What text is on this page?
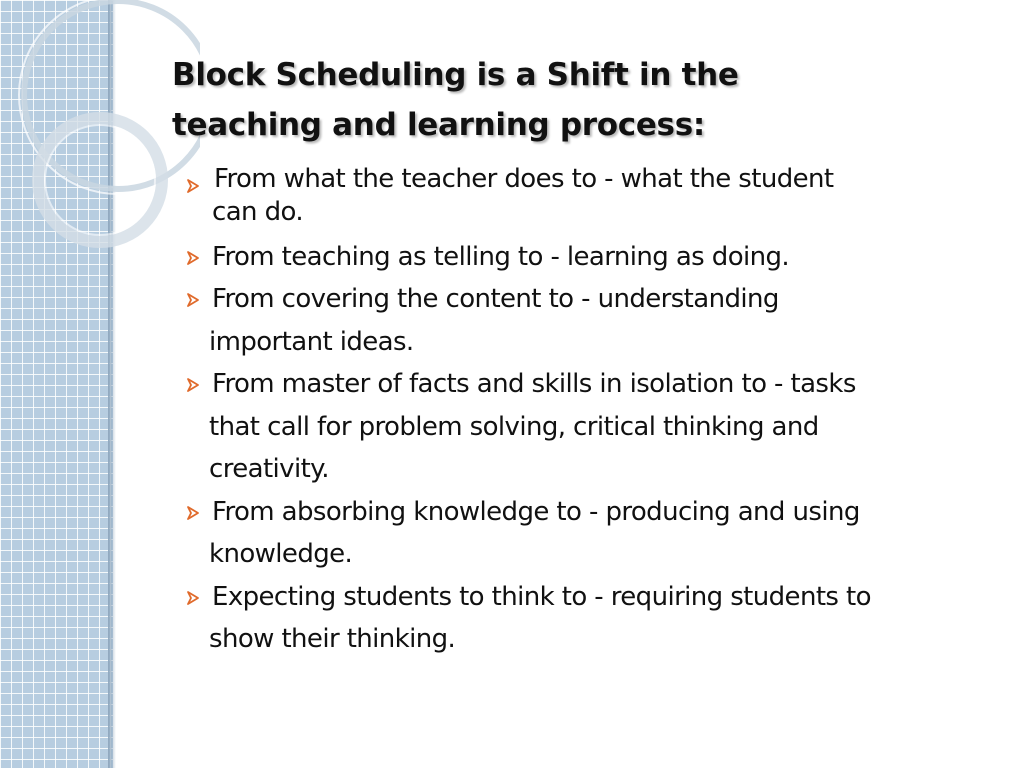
Block Scheduling is a Shift in the
teaching and learning process:
From what the teacher does to - what the student
can do.
From teaching as telling to - learning as doing.
From covering the content to - understanding
important ideas.
From master of facts and skills in isolation to - tasks
that call for problem solving, critical thinking and
creativity.
From absorbing knowledge to - producing and using
knowledge.
Expecting students to think to - requiring students to
show their thinking.
